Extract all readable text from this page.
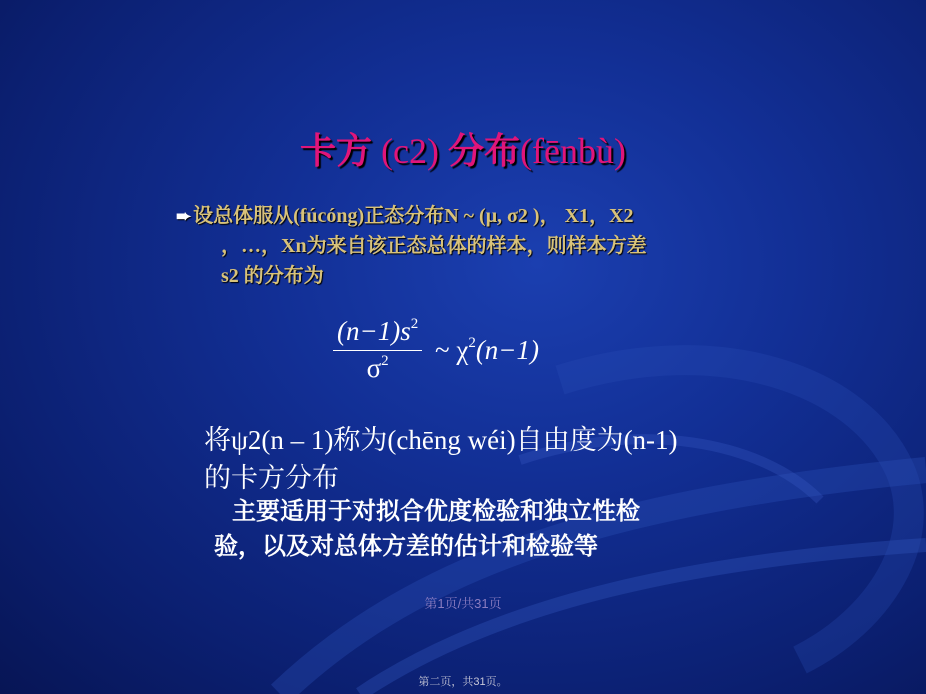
卡方 (c2) 分布(fēnbù)
➨ 设总体服从(fúcóng)正态分布N ~ (μ, σ2 )， X1，X2
，…，Xn为来自该正态总体的样本，则样本方差
s2 的分布为
$\frac{(n-1)s^2}{\sigma^2}$ ~ $\chi^2(n-1)$
将ψ2(n – 1)称为(chēng wéi)自由度为(n-1)
的卡方分布
主要适用于对拟合优度检验和独立性检
验，以及对总体方差的估计和检验等
第1页/共31页
第二页，共31页。
